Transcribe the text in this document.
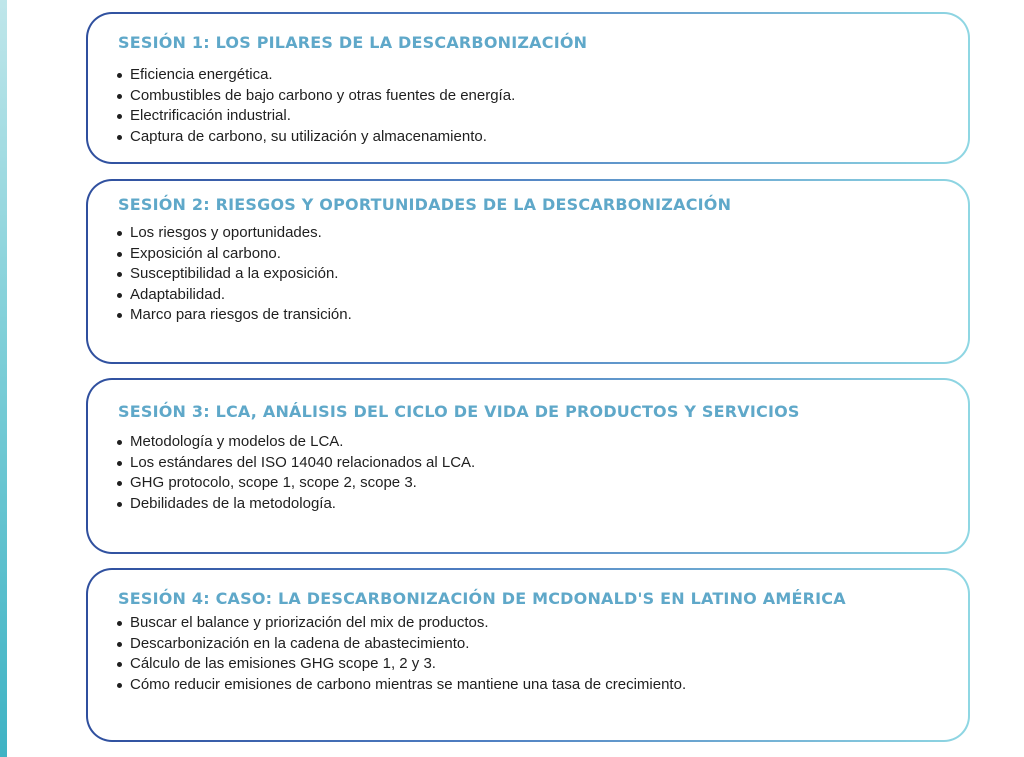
SESIÓN 1: LOS PILARES DE LA DESCARBONIZACIÓN
Eficiencia energética.
Combustibles de bajo carbono y otras fuentes de energía.
Electrificación industrial.
Captura de carbono, su utilización y almacenamiento.
SESIÓN 2: RIESGOS Y OPORTUNIDADES DE LA DESCARBONIZACIÓN
Los riesgos y oportunidades.
Exposición al carbono.
Susceptibilidad a la exposición.
Adaptabilidad.
Marco para riesgos de transición.
SESIÓN 3: LCA, ANÁLISIS DEL CICLO DE VIDA DE PRODUCTOS Y SERVICIOS
Metodología y modelos de LCA.
Los estándares del ISO 14040 relacionados al LCA.
GHG protocolo, scope 1, scope 2, scope 3.
Debilidades de la metodología.
SESIÓN 4: CASO: LA DESCARBONIZACIÓN DE MCDONALD'S EN LATINO AMÉRICA
Buscar el balance y priorización del mix de productos.
Descarbonización en la cadena de abastecimiento.
Cálculo de las emisiones GHG scope 1, 2 y 3.
Cómo reducir emisiones de carbono mientras se mantiene una tasa de crecimiento.
